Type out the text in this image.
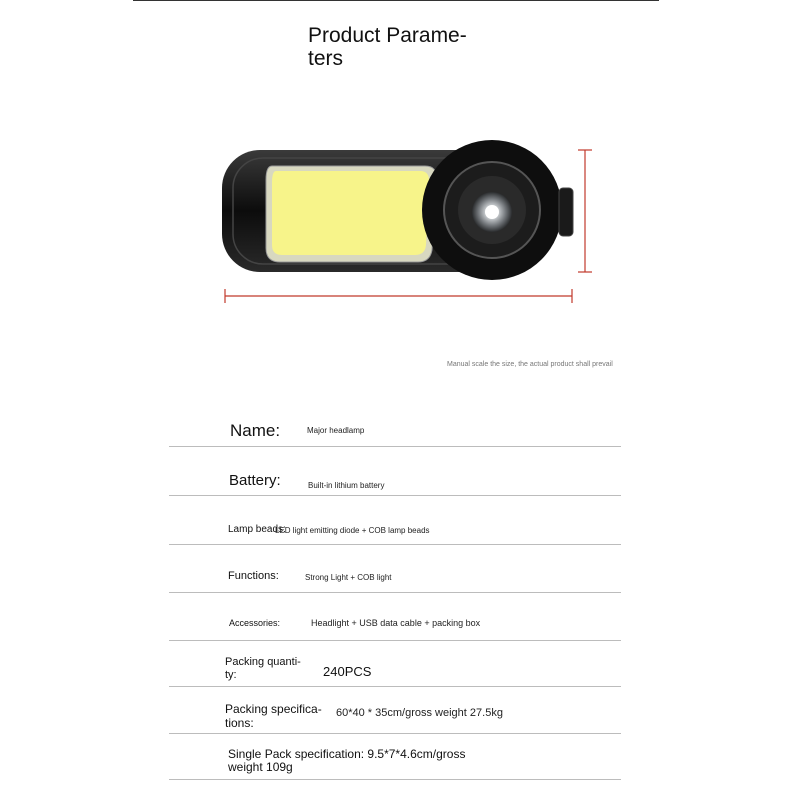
Product Parame-
ters
Manual scale the size, the actual product shall prevail
Name:	Major headlamp
Battery:	Built-in lithium battery
Lamp beads:
LED light emitting diode + COB lamp beads
Functions:	Strong Light + COB light
Accessories:	Headlight + USB data cable + packing box
Packing quanti-
ty:	240PCS
Packing specifica-
tions:
60*40 * 35cm/gross weight 27.5kg
Single Pack specification: 9.5*7*4.6cm/gross
weight 109g
